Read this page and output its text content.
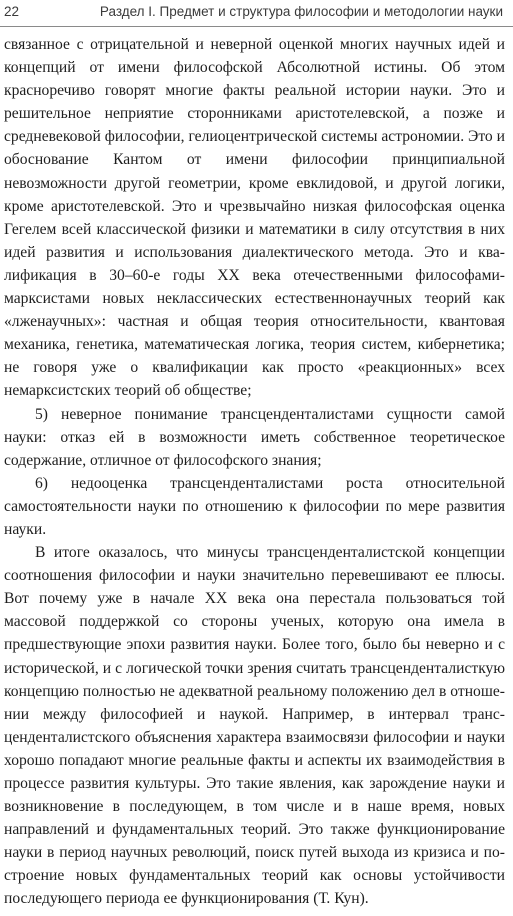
22	Раздел I. Предмет и структура философии и методологии науки

связанное с отрицательной и неверной оценкой многих научных идей и концепций от имени философской Абсолютной истины. Об этом красноречиво говорят многие факты реальной истории науки. Это и решительное неприятие сторонниками аристотелевской, а позже и средневековой философии, гелиоцентрической системы астрономии. Это и обоснование Кантом от имени философии принципиальной невозможности другой геометрии, кроме евклидовой, и другой логики, кроме аристотелевской. Это и чрезвычайно низкая философская оценка Гегелем всей классической физики и математики в силу отсутствия в них идей развития и использования диалектического метода. Это и квалификация в 30–60-е годы XX века отечественными философами-марксистами новых неклассических естественнонаучных теорий как «лженаучных»: частная и общая теория относительности, квантовая механика, генетика, математическая логика, теория систем, кибернетика; не говоря уже о квалификации как просто «реакционных» всех немарксистских теорий об обществе;

5) неверное понимание трансценденталистами сущности самой науки: отказ ей в возможности иметь собственное теоретическое содержание, отличное от философского знания;

6) недооценка трансценденталистами роста относительной самостоятельности науки по отношению к философии по мере развития науки.

В итоге оказалось, что минусы трансценденталистской концепции соотношения философии и науки значительно перевешивают ее плюсы. Вот почему уже в начале XX века она перестала пользоваться той массовой поддержкой со стороны ученых, которую она имела в предшествующие эпохи развития науки. Более того, было бы неверно и с исторической, и с логической точки зрения считать трансценденталисткую концепцию полностью не адекватной реальному положению дел в отношении между философией и наукой. Например, в интервал трансценденталистского объяснения характера взаимосвязи философии и науки хорошо попадают многие реальные факты и аспекты их взаимодействия в процессе развития культуры. Это такие явления, как зарождение науки и возникновение в последующем, в том числе и в наше время, новых направлений и фундаментальных теорий. Это также функционирование науки в период научных революций, поиск путей выхода из кризиса и построение новых фундаментальных теорий как основы устойчивости последующего периода ее функционирования (Т. Кун).
